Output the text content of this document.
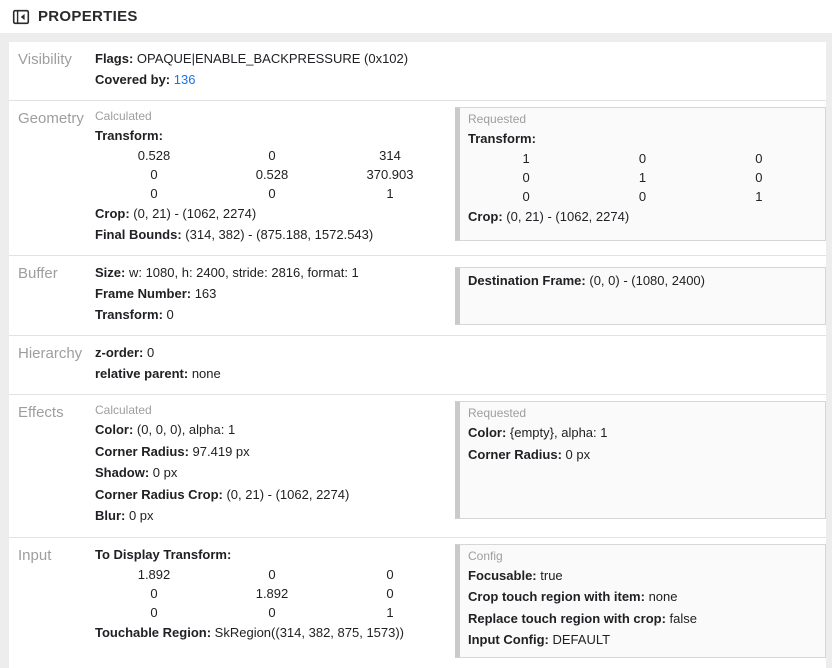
PROPERTIES
Visibility	Flags: OPAQUE|ENABLE_BACKPRESSURE (0x102)
Covered by: 136
Geometry Calculated
Transform:
0.528	0	314
0	0.528	370.903
0	0	1
Crop: (0, 21) - (1062, 2274)
Final Bounds: (314, 382) - (875.188, 1572.543)
Requested
Transform:
1	0	0
0	1	0
0	0	1
Crop: (0, 21) - (1062, 2274)
Buffer	Size: w: 1080, h: 2400, stride: 2816, format: 1
Frame Number: 163
Transform: 0
Destination Frame: (0, 0) - (1080, 2400)
Hierarchy z-order: 0
relative parent: none
Effects	Calculated
Color: (0, 0, 0), alpha: 1
Corner Radius: 97.419 px
Shadow: 0 px
Corner Radius Crop: (0, 21) - (1062, 2274)
Blur: 0 px
Requested
Color: {empty}, alpha: 1
Corner Radius: 0 px
Input	To Display Transform:
1.892	0	0
0	1.892	0
0	0	1
Touchable Region: SkRegion((314, 382, 875, 1573))
Config
Focusable: true
Crop touch region with item: none
Replace touch region with crop: false
Input Config: DEFAULT
